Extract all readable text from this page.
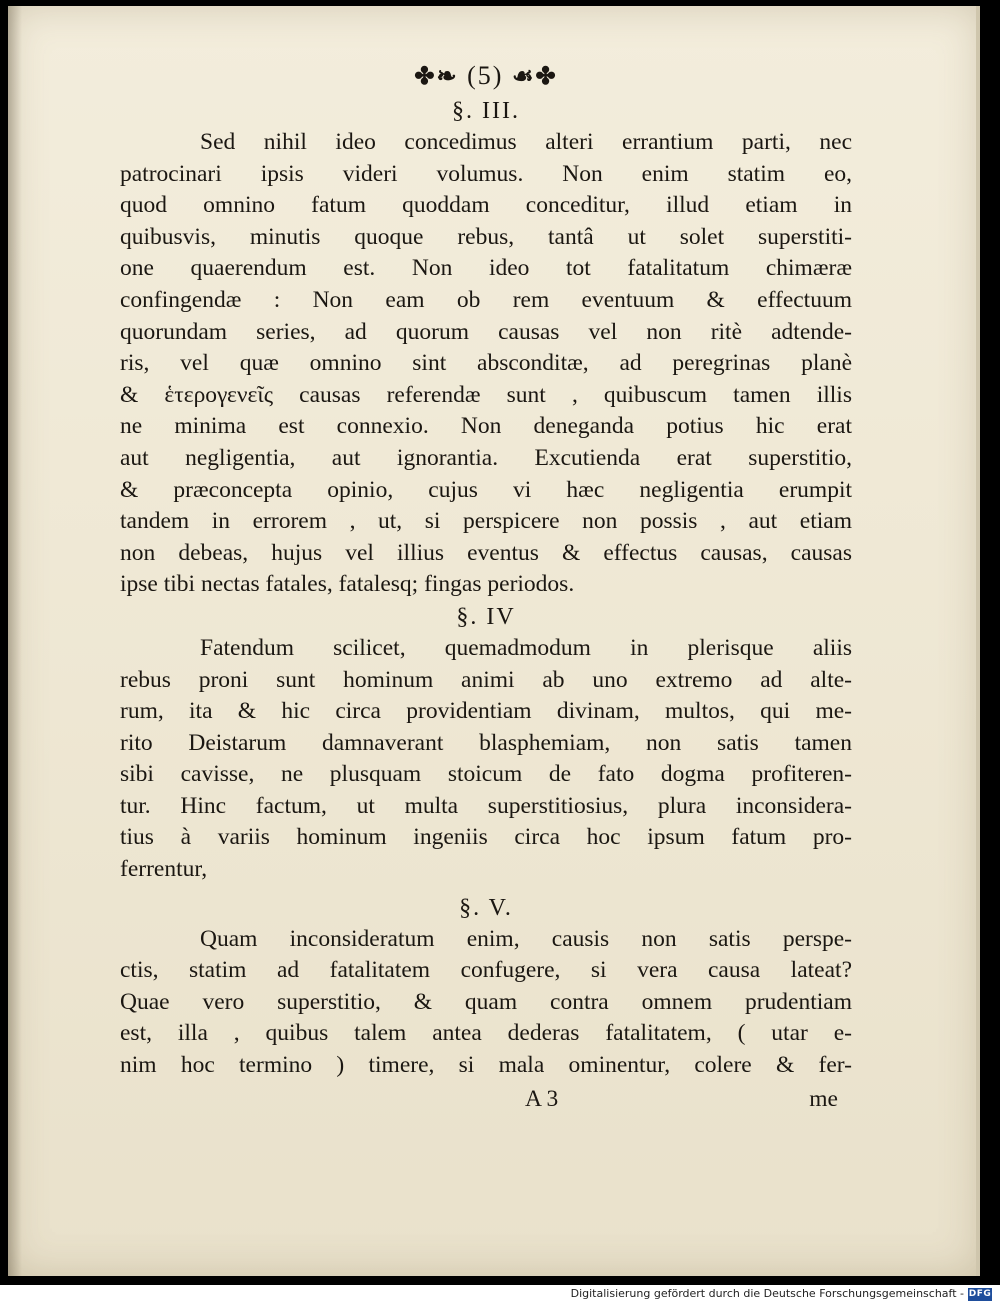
✤❧ (5) ☙✤
§. III.
Sed nihil ideo concedimus alteri errantium parti, nec
patrocinari ipsis videri volumus. Non enim statim eo,
quod omnino fatum quoddam conceditur, illud etiam in
quibusvis, minutis quoque rebus, tantâ ut solet superstiti-
one quaerendum est. Non ideo tot fatalitatum chimæræ
confingendæ : Non eam ob rem eventuum & effectuum
quorundam series, ad quorum causas vel non ritè adtende-
ris, vel quæ omnino sint absconditæ, ad peregrinas planè
& ἑτερογενεῖς causas referendæ sunt , quibuscum tamen illis
ne minima est connexio. Non deneganda potius hic erat
aut negligentia, aut ignorantia. Excutienda erat superstitio,
& præconcepta opinio, cujus vi hæc negligentia erumpit
tandem in errorem , ut, si perspicere non possis , aut etiam
non debeas, hujus vel illius eventus & effectus causas, causas
ipse tibi nectas fatales, fatalesq; fingas periodos.
§. IV
Fatendum scilicet, quemadmodum in plerisque aliis
rebus proni sunt hominum animi ab uno extremo ad alte-
rum, ita & hic circa providentiam divinam, multos, qui me-
rito Deistarum damnaverant blasphemiam, non satis tamen
sibi cavisse, ne plusquam stoicum de fato dogma profiteren-
tur. Hinc factum, ut multa superstitiosius, plura inconsidera-
tius à variis hominum ingeniis circa hoc ipsum fatum pro-
ferrentur,
§. V.
Quam inconsideratum enim, causis non satis perspe-
ctis, statim ad fatalitatem confugere, si vera causa lateat?
Quae vero superstitio, & quam contra omnem prudentiam
est, illa , quibus talem antea dederas fatalitatem, ( utar e-
nim hoc termino ) timere, si mala ominentur, colere & fer-
A 3	me
Digitalisierung gefördert durch die Deutsche Forschungsgemeinschaft - DFG
